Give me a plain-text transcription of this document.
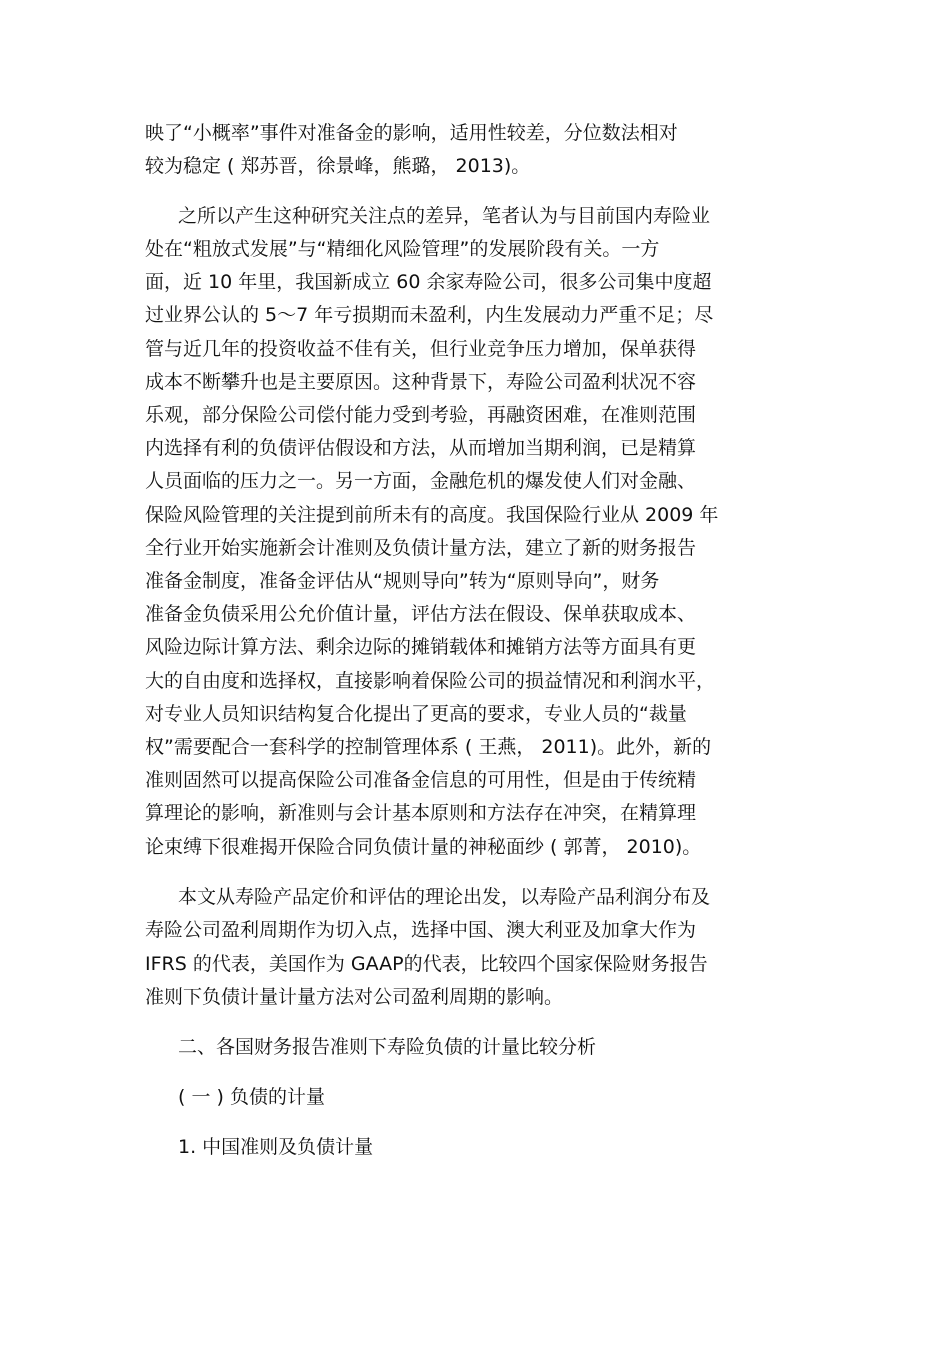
映了“小概率”事件对准备金的影响，适用性较差，分位数法相对
较为稳定 ( 郑苏晋，徐景峰，熊璐， 2013)。
之所以产生这种研究关注点的差异，笔者认为与目前国内寿险业
处在“粗放式发展”与“精细化风险管理”的发展阶段有关。一方
面，近 10 年里，我国新成立 60 余家寿险公司，很多公司集中度超
过业界公认的 5～7 年亏损期而未盈利，内生发展动力严重不足；尽
管与近几年的投资收益不佳有关，但行业竞争压力增加，保单获得
成本不断攀升也是主要原因。这种背景下，寿险公司盈利状况不容
乐观，部分保险公司偿付能力受到考验，再融资困难，在准则范围
内选择有利的负债评估假设和方法，从而增加当期利润，已是精算
人员面临的压力之一。另一方面，金融危机的爆发使人们对金融、
保险风险管理的关注提到前所未有的高度。我国保险行业从 2009 年
全行业开始实施新会计准则及负债计量方法，建立了新的财务报告
准备金制度，准备金评估从“规则导向”转为“原则导向”，财务
准备金负债采用公允价值计量，评估方法在假设、保单获取成本、
风险边际计算方法、剩余边际的摊销载体和摊销方法等方面具有更
大的自由度和选择权，直接影响着保险公司的损益情况和利润水平，
对专业人员知识结构复合化提出了更高的要求，专业人员的“裁量
权”需要配合一套科学的控制管理体系 ( 王燕， 2011)。此外，新的
准则固然可以提高保险公司准备金信息的可用性，但是由于传统精
算理论的影响，新准则与会计基本原则和方法存在冲突，在精算理
论束缚下很难揭开保险合同负债计量的神秘面纱 ( 郭菁， 2010)。
本文从寿险产品定价和评估的理论出发，以寿险产品利润分布及
寿险公司盈利周期作为切入点，选择中国、澳大利亚及加拿大作为
IFRS 的代表，美国作为 GAAP的代表，比较四个国家保险财务报告
准则下负债计量计量方法对公司盈利周期的影响。
二、各国财务报告准则下寿险负债的计量比较分析
( 一 ) 负债的计量
1. 中国准则及负债计量
